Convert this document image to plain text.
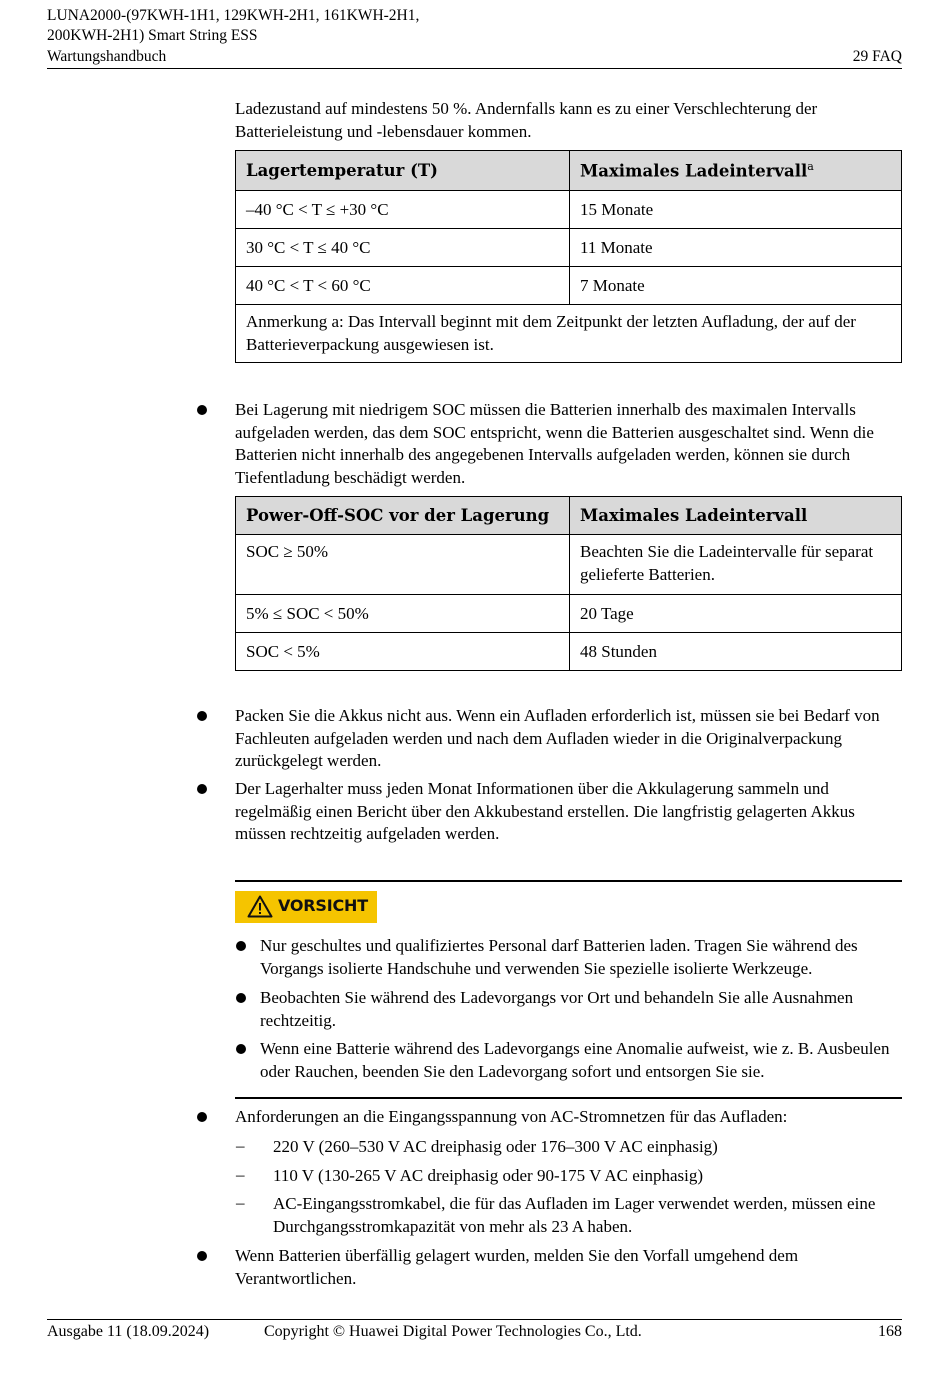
LUNA2000-(97KWH-1H1, 129KWH-2H1, 161KWH-2H1,
200KWH-2H1) Smart String ESS
Wartungshandbuch	29 FAQ
Ladezustand auf mindestens 50 %. Andernfalls kann es zu einer Verschlechterung der Batterieleistung und -lebensdauer kommen.
Lagertemperatur (T)	Maximales Ladeintervall$^a$
–40 °C < T ≤ +30 °C	15 Monate
30 °C < T ≤ 40 °C	11 Monate
40 °C < T < 60 °C	7 Monate
Anmerkung a: Das Intervall beginnt mit dem Zeitpunkt der letzten Aufladung, der auf der Batterieverpackung ausgewiesen ist.	
Bei Lagerung mit niedrigem SOC müssen die Batterien innerhalb des maximalen Intervalls aufgeladen werden, das dem SOC entspricht, wenn die Batterien ausgeschaltet sind. Wenn die Batterien nicht innerhalb des angegebenen Intervalls aufgeladen werden, können sie durch Tiefentladung beschädigt werden.
Power-Off-SOC vor der Lagerung	Maximales Ladeintervall
SOC ≥ 50%	Beachten Sie die Ladeintervalle für separat gelieferte Batterien.
5% ≤ SOC < 50%	20 Tage
SOC < 5%	48 Stunden
Packen Sie die Akkus nicht aus. Wenn ein Aufladen erforderlich ist, müssen sie bei Bedarf von Fachleuten aufgeladen werden und nach dem Aufladen wieder in die Originalverpackung zurückgelegt werden.
Der Lagerhalter muss jeden Monat Informationen über die Akkulagerung sammeln und regelmäßig einen Bericht über den Akkubestand erstellen. Die langfristig gelagerten Akkus müssen rechtzeitig aufgeladen werden.
VORSICHT
Nur geschultes und qualifiziertes Personal darf Batterien laden. Tragen Sie während des Vorgangs isolierte Handschuhe und verwenden Sie spezielle isolierte Werkzeuge.
Beobachten Sie während des Ladevorgangs vor Ort und behandeln Sie alle Ausnahmen rechtzeitig.
Wenn eine Batterie während des Ladevorgangs eine Anomalie aufweist, wie z. B. Ausbeulen oder Rauchen, beenden Sie den Ladevorgang sofort und entsorgen Sie sie.
Anforderungen an die Eingangsspannung von AC-Stromnetzen für das Aufladen:
– 220 V (260–530 V AC dreiphasig oder 176–300 V AC einphasig)
– 110 V (130-265 V AC dreiphasig oder 90-175 V AC einphasig)
– AC-Eingangsstromkabel, die für das Aufladen im Lager verwendet werden, müssen eine Durchgangsstromkapazität von mehr als 23 A haben.
Wenn Batterien überfällig gelagert wurden, melden Sie den Vorfall umgehend dem Verantwortlichen.
Ausgabe 11 (18.09.2024)	Copyright © Huawei Digital Power Technologies Co., Ltd.	168
